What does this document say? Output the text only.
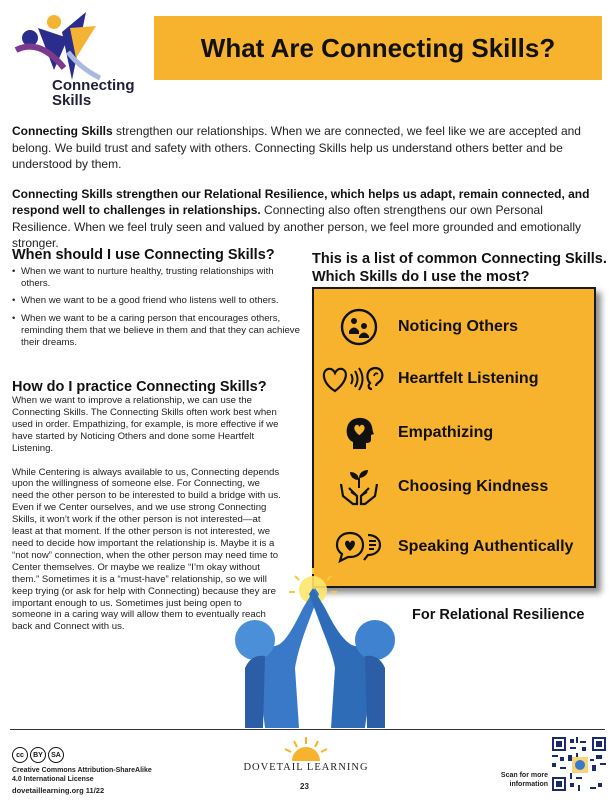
Connecting
Skills
What Are Connecting Skills?

Connecting Skills strengthen our relationships. When we are connected, we feel like we are accepted and belong. We build trust and safety with others. Connecting Skills help us understand others better and be understood by them.

Connecting Skills strengthen our Relational Resilience, which helps us adapt, remain connected, and respond well to challenges in relationships. Connecting also often strengthens our own Personal Resilience. When we feel truly seen and valued by another person, we feel more grounded and emotionally stronger.

When should I use Connecting Skills?
• When we want to nurture healthy, trusting relationships with others.
• When we want to be a good friend who listens well to others.
• When we want to be a caring person that encourages others, reminding them that we believe in them and that they can achieve their dreams.
How do I practice Connecting Skills?

When we want to improve a relationship, we can use the Connecting Skills. The Connecting Skills often work best when used in order. Empathizing, for example, is more effective if we have started by Noticing Others and done some Heartfelt Listening.

While Centering is always available to us, Connecting depends upon the willingness of someone else. For Connecting, we need the other person to be interested to build a bridge with us. Even if we Center ourselves, and we use strong Connecting Skills, it won’t work if the other person is not interested—at least at that moment. If the other person is not interested, we need to decide how important the relationship is. Maybe it is a “not now” connection, when the other person may need time to Center themselves. Or maybe we realize “I’m okay without them.” Sometimes it is a “must-have” relationship, so we will keep trying (or ask for help with Connecting) because they are important enough to us. Sometimes just being open to someone in a caring way will allow them to eventually reach back and Connect with us.

This is a list of common Connecting Skills.
Which Skills do I use the most?
Noticing Others
Heartfelt Listening
Empathizing
Choosing Kindness
Speaking Authentically
For Relational Resilience
cc	BY	SA
Creative Commons Attribution-ShareAlike
4.0 International License
dovetaillearning.org 11/22
DOVETAIL LEARNING
23
Scan for more
information
